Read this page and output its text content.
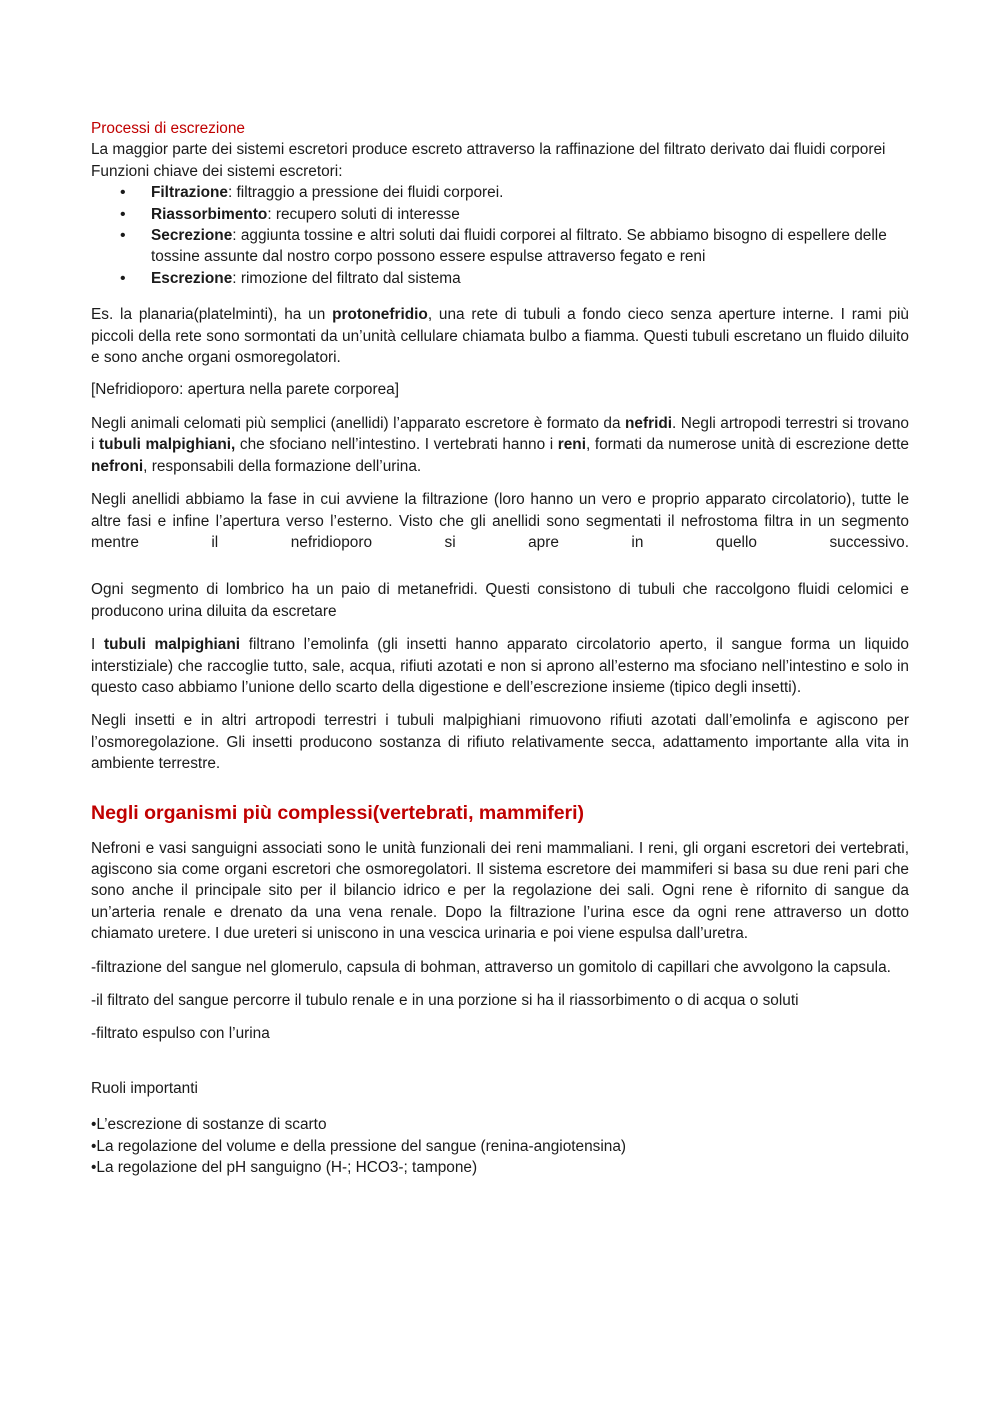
Processi di escrezione

La maggior parte dei sistemi escretori produce escreto attraverso la raffinazione del filtrato derivato dai fluidi corporei

Funzioni chiave dei sistemi escretori:

• Filtrazione: filtraggio a pressione dei fluidi corporei.
• Riassorbimento: recupero soluti di interesse
• Secrezione: aggiunta tossine e altri soluti dai fluidi corporei al filtrato. Se abbiamo bisogno di espellere delle tossine assunte dal nostro corpo possono essere espulse attraverso fegato e reni
• Escrezione: rimozione del filtrato dal sistema

Es. la planaria(platelminti), ha un protonefridio, una rete di tubuli a fondo cieco senza aperture interne. I rami più piccoli della rete sono sormontati da un’unità cellulare chiamata bulbo a fiamma. Questi tubuli escretano un fluido diluito e sono anche organi osmoregolatori.

[Nefridioporo: apertura nella parete corporea]

Negli animali celomati più semplici (anellidi) l’apparato escretore è formato da nefridi. Negli artropodi terrestri si trovano i tubuli malpighiani, che sfociano nell’intestino. I vertebrati hanno i reni, formati da numerose unità di escrezione dette nefroni, responsabili della formazione dell’urina.

Negli anellidi abbiamo la fase in cui avviene la filtrazione (loro hanno un vero e proprio apparato circolatorio), tutte le altre fasi e infine l’apertura verso l’esterno. Visto che gli anellidi sono segmentati il nefrostoma filtra in un segmento mentre il nefridioporo si apre in quello successivo.

Ogni segmento di lombrico ha un paio di metanefridi. Questi consistono di tubuli che raccolgono fluidi celomici e producono urina diluita da escretare

I tubuli malpighiani filtrano l’emolinfa (gli insetti hanno apparato circolatorio aperto, il sangue forma un liquido interstiziale) che raccoglie tutto, sale, acqua, rifiuti azotati e non si aprono all’esterno ma sfociano nell’intestino e solo in questo caso abbiamo l’unione dello scarto della digestione e dell’escrezione insieme (tipico degli insetti).

Negli insetti e in altri artropodi terrestri i tubuli malpighiani rimuovono rifiuti azotati dall’emolinfa e agiscono per l’osmoregolazione. Gli insetti producono sostanza di rifiuto relativamente secca, adattamento importante alla vita in ambiente terrestre.

Negli organismi più complessi(vertebrati, mammiferi)

Nefroni e vasi sanguigni associati sono le unità funzionali dei reni mammaliani. I reni, gli organi escretori dei vertebrati, agiscono sia come organi escretori che osmoregolatori. Il sistema escretore dei mammiferi si basa su due reni pari che sono anche il principale sito per il bilancio idrico e per la regolazione dei sali. Ogni rene è rifornito di sangue da un’arteria renale e drenato da una vena renale. Dopo la filtrazione l’urina esce da ogni rene attraverso un dotto chiamato uretere. I due ureteri si uniscono in una vescica urinaria e poi viene espulsa dall’uretra.

-filtrazione del sangue nel glomerulo, capsula di bohman, attraverso un gomitolo di capillari che avvolgono la capsula.

-il filtrato del sangue percorre il tubulo renale e in una porzione si ha il riassorbimento o di acqua o soluti

-filtrato espulso con l’urina

Ruoli importanti

•L’escrezione di sostanze di scarto

•La regolazione del volume e della pressione del sangue (renina-angiotensina)

•La regolazione del pH sanguigno (H-; HCO3-; tampone)
